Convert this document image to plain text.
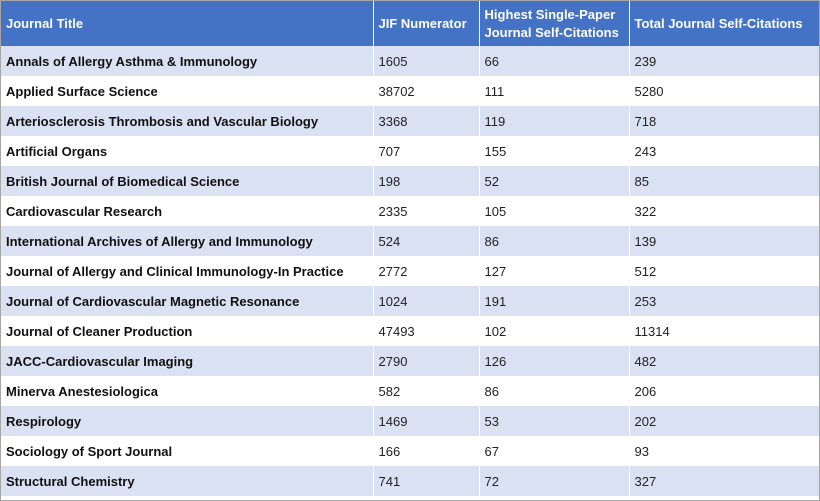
Journal Title	JIF Numerator	Highest Single-Paper Journal Self-Citations	Total Journal Self-Citations
Annals of Allergy Asthma & Immunology	1605	66	239
Applied Surface Science	38702	111	5280
Arteriosclerosis Thrombosis and Vascular Biology	3368	119	718
Artificial Organs	707	155	243
British Journal of Biomedical Science	198	52	85
Cardiovascular Research	2335	105	322
International Archives of Allergy and Immunology	524	86	139
Journal of Allergy and Clinical Immunology-In Practice	2772	127	512
Journal of Cardiovascular Magnetic Resonance	1024	191	253
Journal of Cleaner Production	47493	102	11314
JACC-Cardiovascular Imaging	2790	126	482
Minerva Anestesiologica	582	86	206
Respirology	1469	53	202
Sociology of Sport Journal	166	67	93
Structural Chemistry	741	72	327
